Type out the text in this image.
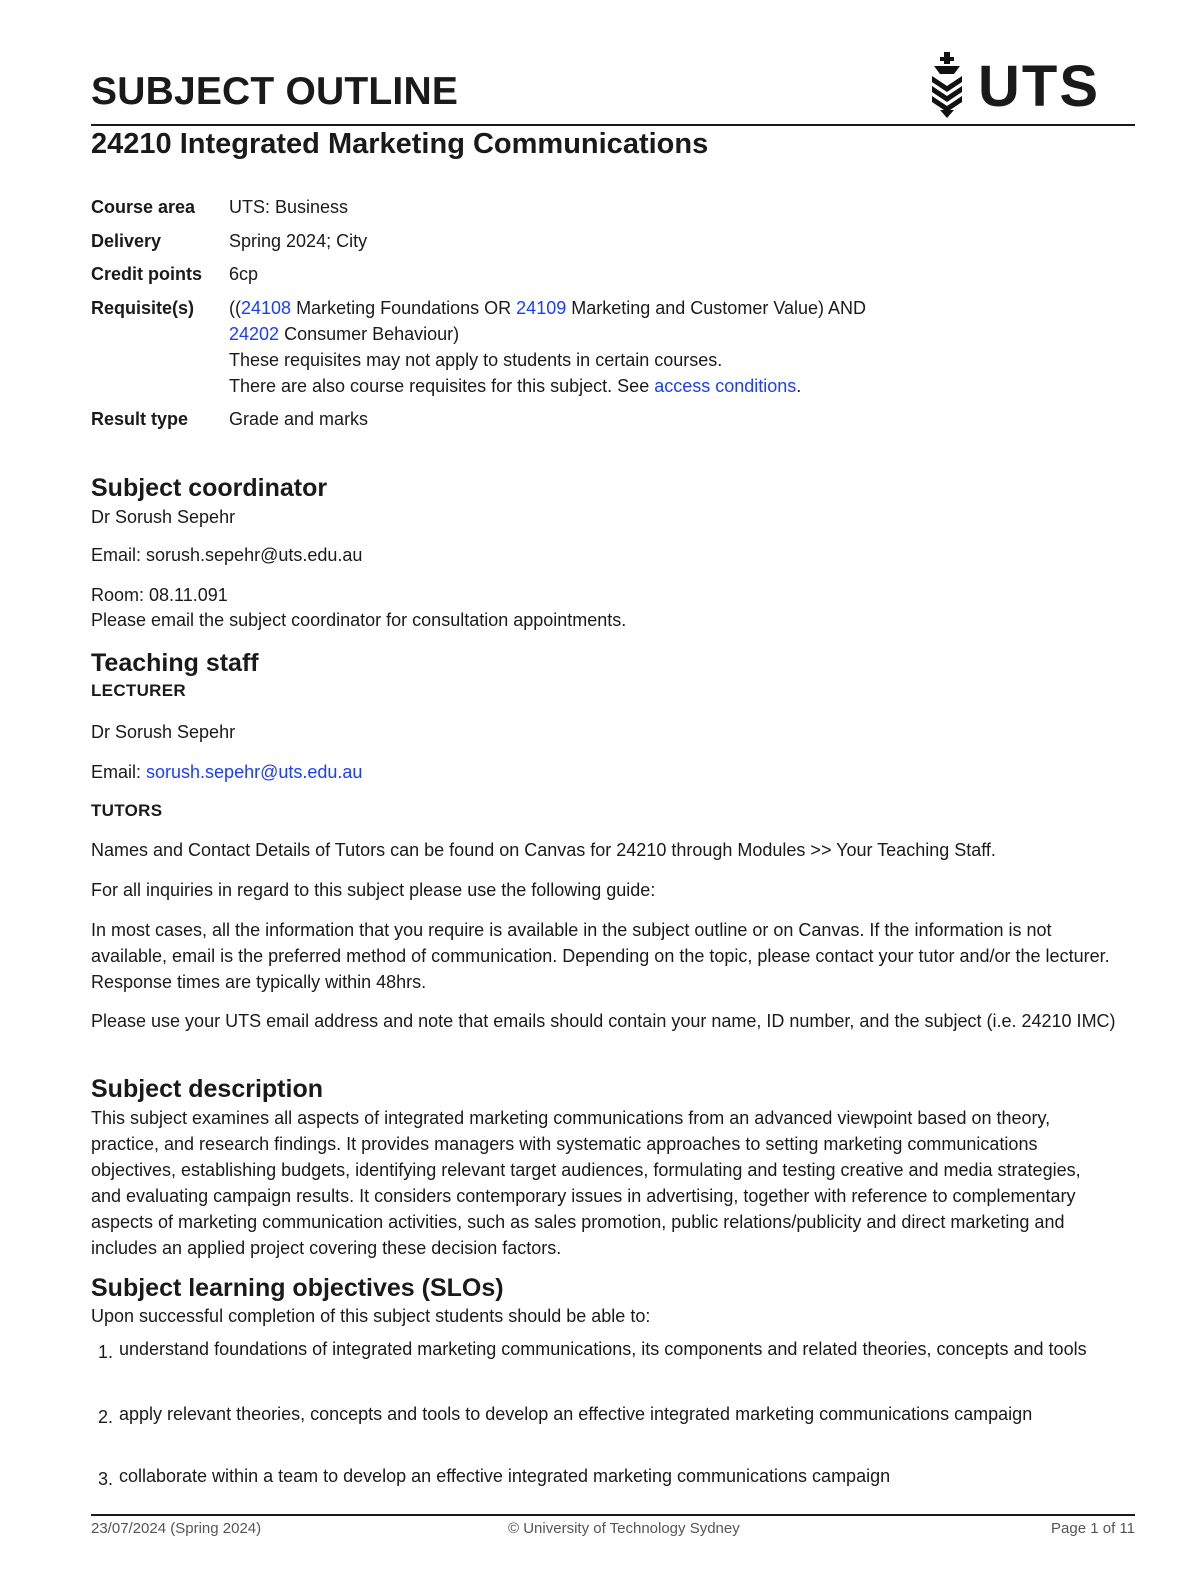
SUBJECT OUTLINE	UTS
24210 Integrated Marketing Communications
Course area UTS: Business
Delivery	Spring 2024; City
Credit points 6cp
Requisite(s) ((24108 Marketing Foundations OR 24109 Marketing and Customer Value) AND
24202 Consumer Behaviour)
These requisites may not apply to students in certain courses.
There are also course requisites for this subject. See access conditions.
Result type Grade and marks
Subject coordinator
Dr Sorush Sepehr
Email: sorush.sepehr@uts.edu.au
Room: 08.11.091
Please email the subject coordinator for consultation appointments.
Teaching staff
LECTURER
Dr Sorush Sepehr
Email: sorush.sepehr@uts.edu.au
TUTORS
Names and Contact Details of Tutors can be found on Canvas for 24210 through Modules >> Your Teaching Staff.
For all inquiries in regard to this subject please use the following guide:
In most cases, all the information that you require is available in the subject outline or on Canvas. If the information is not available, email is the preferred method of communication. Depending on the topic, please contact your tutor and/or the lecturer. Response times are typically within 48hrs.
Please use your UTS email address and note that emails should contain your name, ID number, and the subject (i.e. 24210 IMC)
Subject description
This subject examines all aspects of integrated marketing communications from an advanced viewpoint based on theory, practice, and research findings. It provides managers with systematic approaches to setting marketing communications objectives, establishing budgets, identifying relevant target audiences, formulating and testing creative and media strategies, and evaluating campaign results. It considers contemporary issues in advertising, together with reference to complementary aspects of marketing communication activities, such as sales promotion, public relations/publicity and direct marketing and includes an applied project covering these decision factors.
Subject learning objectives (SLOs)
Upon successful completion of this subject students should be able to:
1. understand foundations of integrated marketing communications, its components and related theories, concepts and tools
2. apply relevant theories, concepts and tools to develop an effective integrated marketing communications campaign
3. collaborate within a team to develop an effective integrated marketing communications campaign
23/07/2024 (Spring 2024)	© University of Technology Sydney	Page 1 of 11
